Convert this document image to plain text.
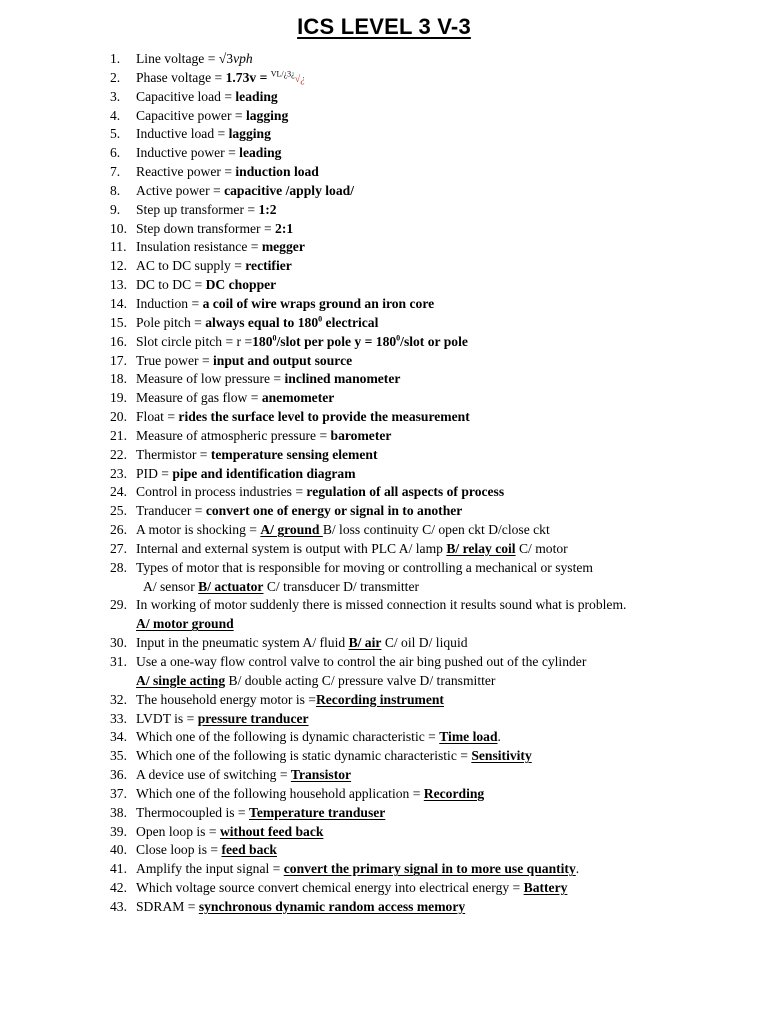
ICS LEVEL 3 V-3
1.	Line voltage = √3vph
2.	Phase voltage = 1.73v = $^{VL/¿3¿}$√¿
3.	Capacitive load = leading
4.	Capacitive power = lagging
5.	Inductive load = lagging
6.	Inductive power = leading
7.	Reactive power = induction load
8.	Active power = capacitive /apply load/
9.	Step up transformer = 1:2
10. Step down transformer = 2:1
11. Insulation resistance = megger
12. AC to DC supply = rectifier
13. DC to DC = DC chopper
14. Induction = a coil of wire wraps ground an iron core
15. Pole pitch = always equal to $180^0$ electrical
16. Slot circle pitch = $r =180^0$/slot per pole $y = 180^0$/slot or pole
17. True power = input and output source
18. Measure of low pressure = inclined manometer
19. Measure of gas flow = anemometer
20. Float = rides the surface level to provide the measurement
21. Measure of atmospheric pressure = barometer
22. Thermistor = temperature sensing element
23. PID = pipe and identification diagram
24. Control in process industries = regulation of all aspects of process
25. Tranducer = convert one of energy or signal in to another
26. A motor is shocking = A/ ground B/ loss continuity C/ open ckt D/close ckt
27. Internal and external system is output with PLC A/ lamp B/ relay coil C/ motor
28. Types of motor that is responsible for moving or controlling a mechanical or system
A/ sensor B/ actuator C/ transducer D/ transmitter
29. In working of motor suddenly there is missed connection it results sound what is problem.
A/ motor ground
30. Input in the pneumatic system A/ fluid B/ air C/ oil D/ liquid
31. Use a one-way flow control valve to control the air bing pushed out of the cylinder
A/ single acting B/ double acting C/ pressure valve D/ transmitter
32. The household energy motor is =Recording instrument
33. LVDT is = pressure tranducer
34. Which one of the following is dynamic characteristic = Time load.
35. Which one of the following is static dynamic characteristic = Sensitivity
36. A device use of switching = Transistor
37. Which one of the following household application = Recording
38. Thermocoupled is = Temperature tranduser
39. Open loop is = without feed back
40. Close loop is = feed back
41. Amplify the input signal = convert the primary signal in to more use quantity.
42. Which voltage source convert chemical energy into electrical energy = Battery
43. SDRAM = synchronous dynamic random access memory
